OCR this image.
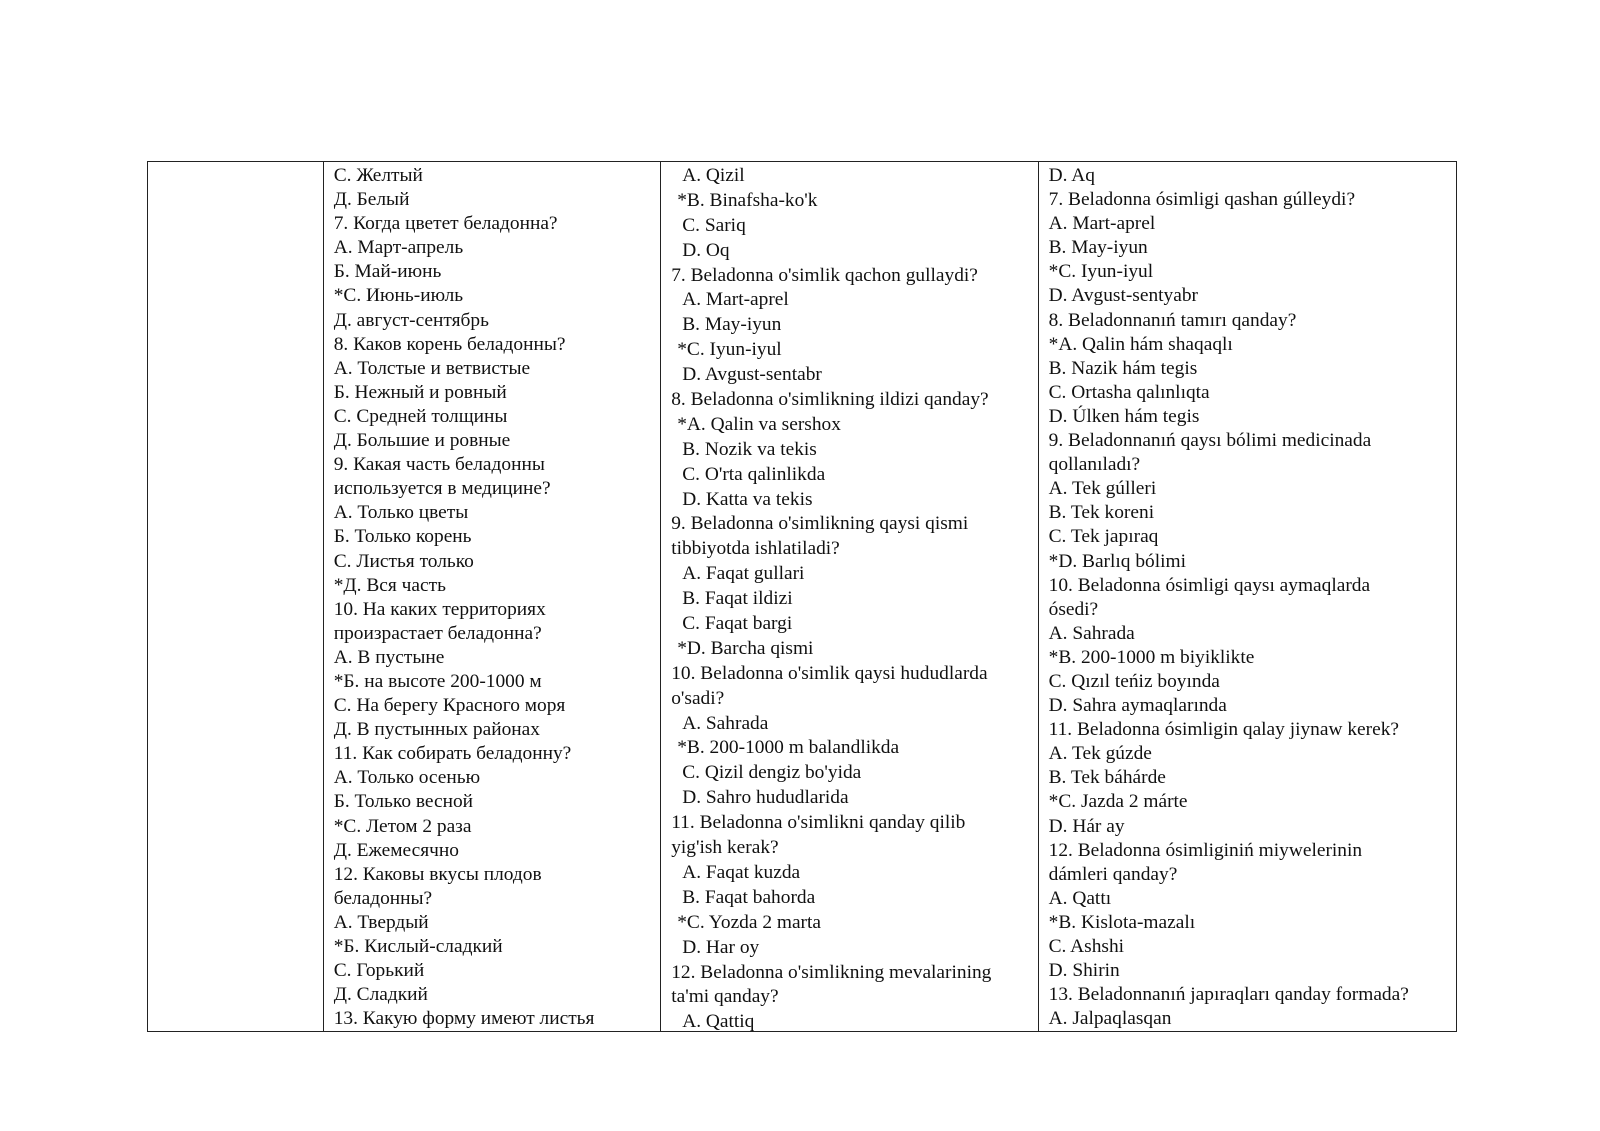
С. Желтый
Д. Белый
7. Когда цветет беладонна?
А. Март-апрель
Б. Май-июнь
*С. Июнь-июль
Д. август-сентябрь
8. Каков корень беладонны?
А. Толстые и ветвистые
Б. Нежный и ровный
С. Средней толщины
Д. Большие и ровные
9. Какая часть беладонны
используется в медицине?
А. Только цветы
Б. Только корень
С. Листья только
*Д. Вся часть
10. На каких территориях
произрастает беладонна?
А. В пустыне
*Б. на высоте 200-1000 м
С. На берегу Красного моря
Д. В пустынных районах
11. Как собирать беладонну?
А. Только осенью
Б. Только весной
*С. Летом 2 раза
Д. Ежемесячно
12. Каковы вкусы плодов
беладонны?
А. Твердый
*Б. Кислый-сладкий
С. Горький
Д. Сладкий
13. Какую форму имеют листья
A. Qizil
*B. Binafsha-ko'k
C. Sariq
D. Oq
7. Beladonna o'simlik qachon gullaydi?
A. Mart-aprel
B. May-iyun
*C. Iyun-iyul
D. Avgust-sentabr
8. Beladonna o'simlikning ildizi qanday?
*A. Qalin va sershox
B. Nozik va tekis
C. O'rta qalinlikda
D. Katta va tekis
9. Beladonna o'simlikning qaysi qismi
tibbiyotda ishlatiladi?
A. Faqat gullari
B. Faqat ildizi
C. Faqat bargi
*D. Barcha qismi
10. Beladonna o'simlik qaysi hududlarda
o'sadi?
A. Sahrada
*B. 200-1000 m balandlikda
C. Qizil dengiz bo'yida
D. Sahro hududlarida
11. Beladonna o'simlikni qanday qilib
yig'ish kerak?
A. Faqat kuzda
B. Faqat bahorda
*C. Yozda 2 marta
D. Har oy
12. Beladonna o'simlikning mevalarining
ta'mi qanday?
A. Qattiq
D. Aq
7. Beladonna ósimligi qashan gúlleydi?
A. Mart-aprel
B. May-iyun
*C. Iyun-iyul
D. Avgust-sentyabr
8. Beladonnanıń tamırı qanday?
*A. Qalin hám shaqaqlı
B. Nazik hám tegis
C. Ortasha qalınlıqta
D. Úlken hám tegis
9. Beladonnanıń qaysı bólimi medicinada
qollanıladı?
A. Tek gúlleri
B. Tek koreni
C. Tek japıraq
*D. Barlıq bólimi
10. Beladonna ósimligi qaysı aymaqlarda
ósedi?
A. Sahrada
*B. 200-1000 m biyiklikte
C. Qızıl teńiz boyında
D. Sahra aymaqlarında
11. Beladonna ósimligin qalay jiynaw kerek?
A. Tek gúzde
B. Tek báhárde
*C. Jazda 2 márte
D. Hár ay
12. Beladonna ósimliginiń miywelerinin
dámleri qanday?
A. Qattı
*B. Kislota-mazalı
C. Ashshi
D. Shirin
13. Beladonnanıń japıraqları qanday formada?
A. Jalpaqlasqan
